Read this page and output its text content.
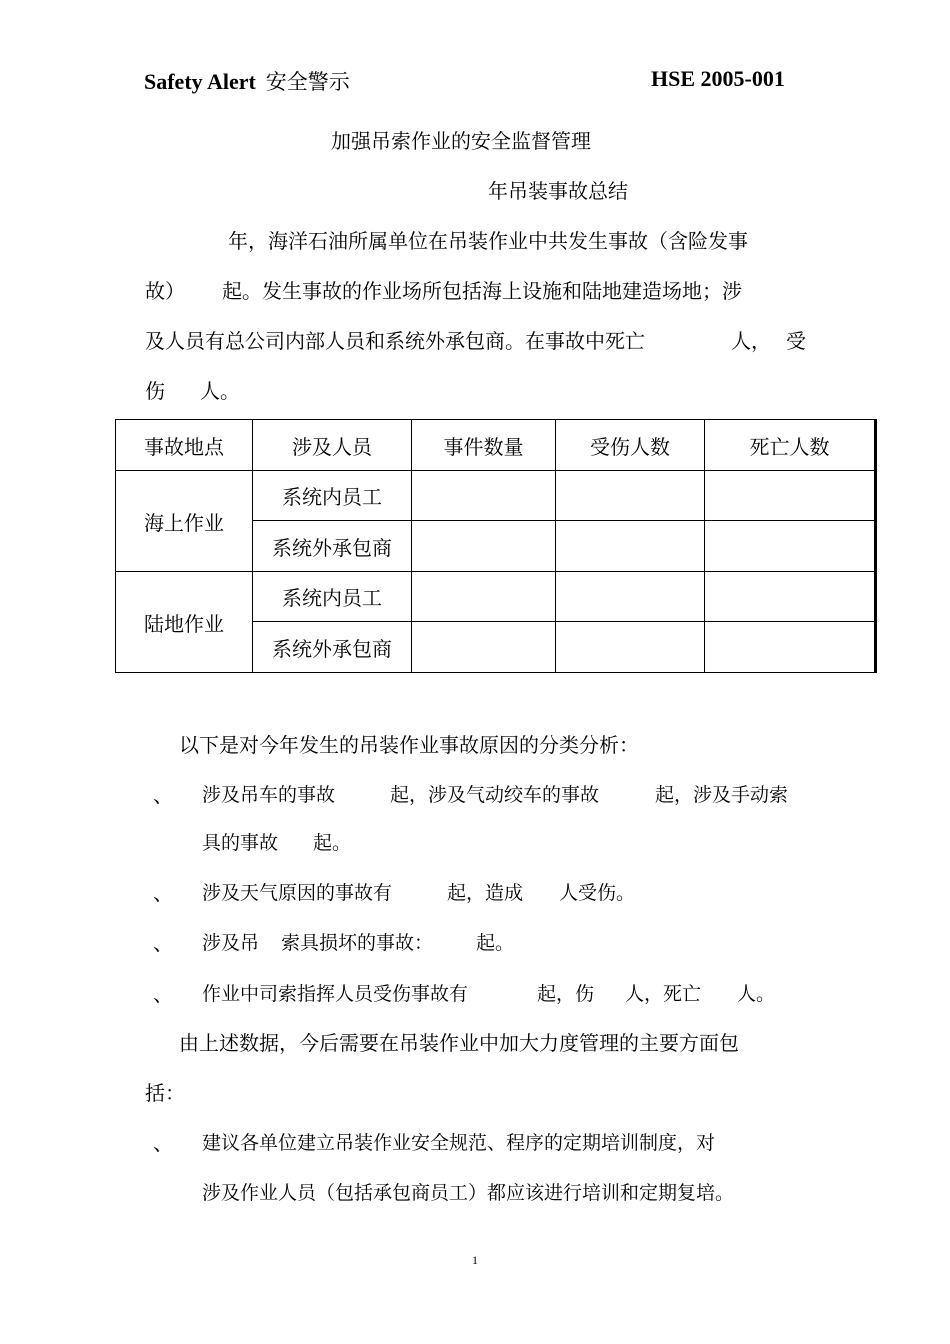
Safety Alert 安全警示	HSE 2005-001
加强吊索作业的安全监督管理
年吊装事故总结
年，海洋石油所属单位在吊装作业中共发生事故（含险发事
故） 起。发生事故的作业场所包括海上设施和陆地建造场地；涉
及人员有总公司内部人员和系统外承包商。在事故中死亡	人， 受
伤 人。
事故地点	涉及人员	事件数量	受伤人数	死亡人数
海上作业	系统内员工			
	系统外承包商			
陆地作业	系统内员工			
	系统外承包商			
以下是对今年发生的吊装作业事故原因的分类分析：
、 涉及吊车的事故	起，涉及气动绞车的事故	起，涉及手动索
具的事故 起。
、 涉及天气原因的事故有	起，造成 人受伤。
、 涉及吊 索具损坏的事故： 起。
、 作业中司索指挥人员受伤事故有	起，伤 人，死亡 人。
由上述数据，今后需要在吊装作业中加大力度管理的主要方面包
括：
、 建议各单位建立吊装作业安全规范、程序的定期培训制度，对
涉及作业人员（包括承包商员工）都应该进行培训和定期复培。
1
